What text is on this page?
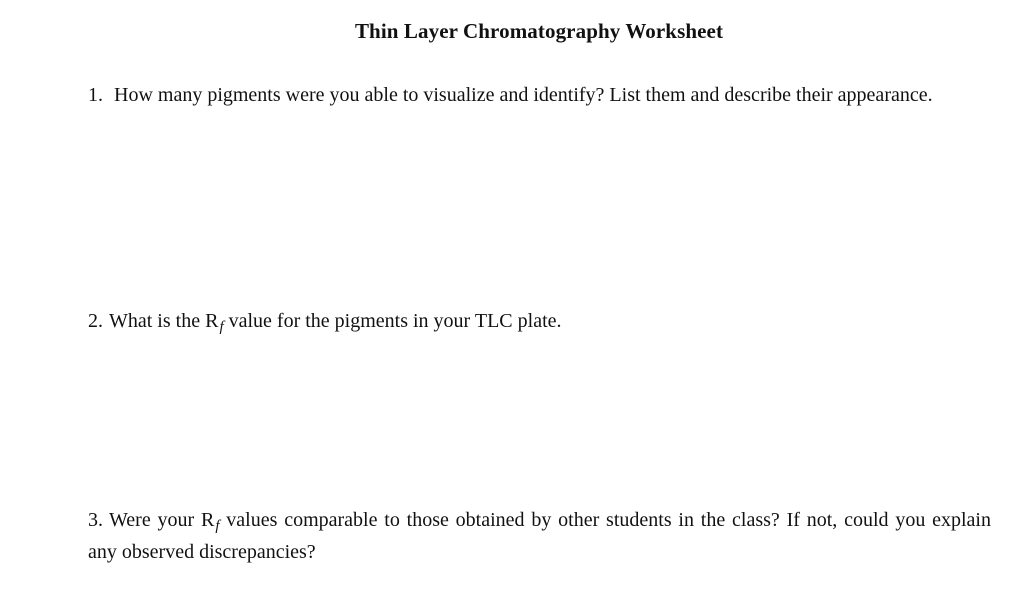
Thin Layer Chromatography Worksheet
1. How many pigments were you able to visualize and identify? List them and describe their appearance.
2. What is the $R_f$ value for the pigments in your TLC plate.
3. Were your $R_f$ values comparable to those obtained by other students in the class? If not, could you explain any observed discrepancies?
